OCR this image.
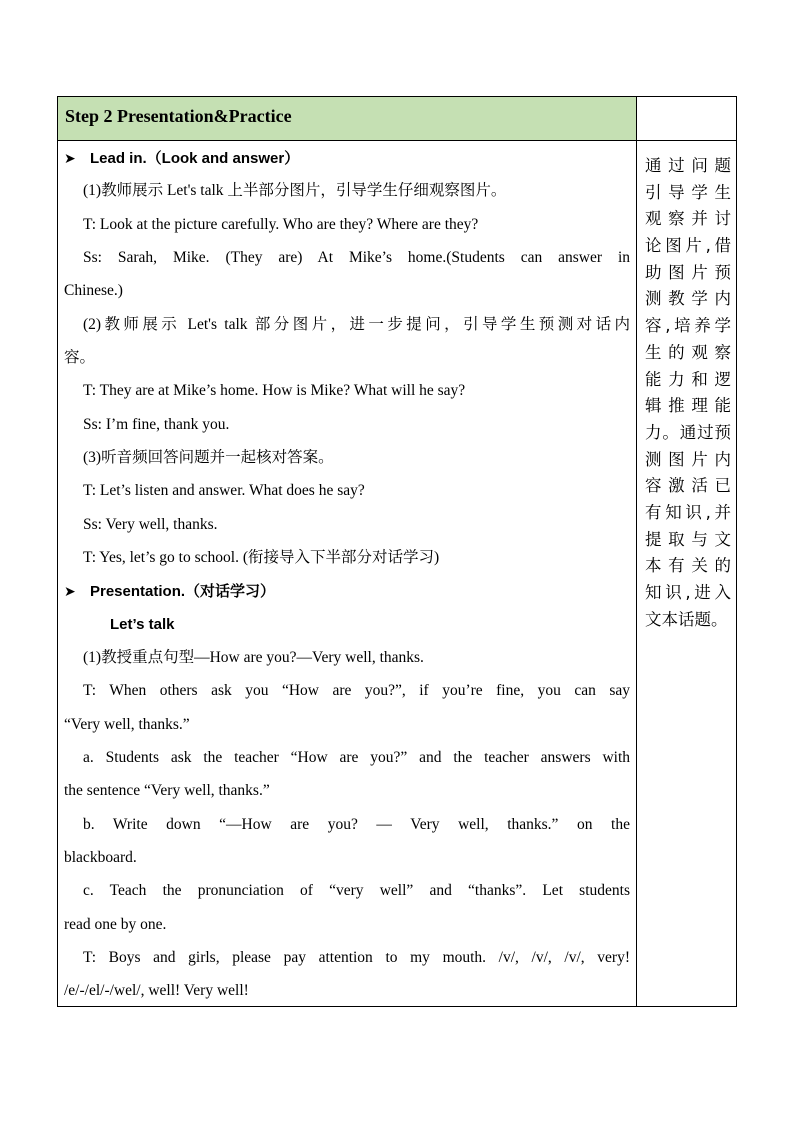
Step 2 Presentation&Practice
➤ Lead in.（Look and answer）
(1)教师展示 Let's talk 上半部分图片，引导学生仔细观察图片。
T: Look at the picture carefully. Who are they? Where are they?
Ss: Sarah, Mike. (They are) At Mike’s home.(Students can answer in
Chinese.)
(2)教师展示 Let's talk 部分图片，进一步提问，引导学生预测对话内
容。
T: They are at Mike’s home. How is Mike? What will he say?
Ss: I’m fine, thank you.
(3)听音频回答问题并一起核对答案。
T: Let’s listen and answer. What does he say?
Ss: Very well, thanks.
T: Yes, let’s go to school. (衔接导入下半部分对话学习)
➤ Presentation.（对话学习）
Let’s talk
(1)教授重点句型—How are you?—Very well, thanks.
T: When others ask you “How are you?”, if you’re fine, you can say
“Very well, thanks.”
a. Students ask the teacher “How are you?” and the teacher answers with
the sentence “Very well, thanks.”
b. Write down “—How are you? — Very well, thanks.” on the
blackboard.
c. Teach the pronunciation of “very well” and “thanks”. Let students
read one by one.
T: Boys and girls, please pay attention to my mouth. /v/, /v/, /v/, very!
/e/-/el/-/wel/, well! Very well!
通过问题
引导学生
观察并讨
论图片,借
助图片预
测教学内
容,培养学
生的观察
能力和逻
辑推理能
力。通过预
测图片内
容激活已
有知识,并
提取与文
本有关的
知识,进入
文本话题。
